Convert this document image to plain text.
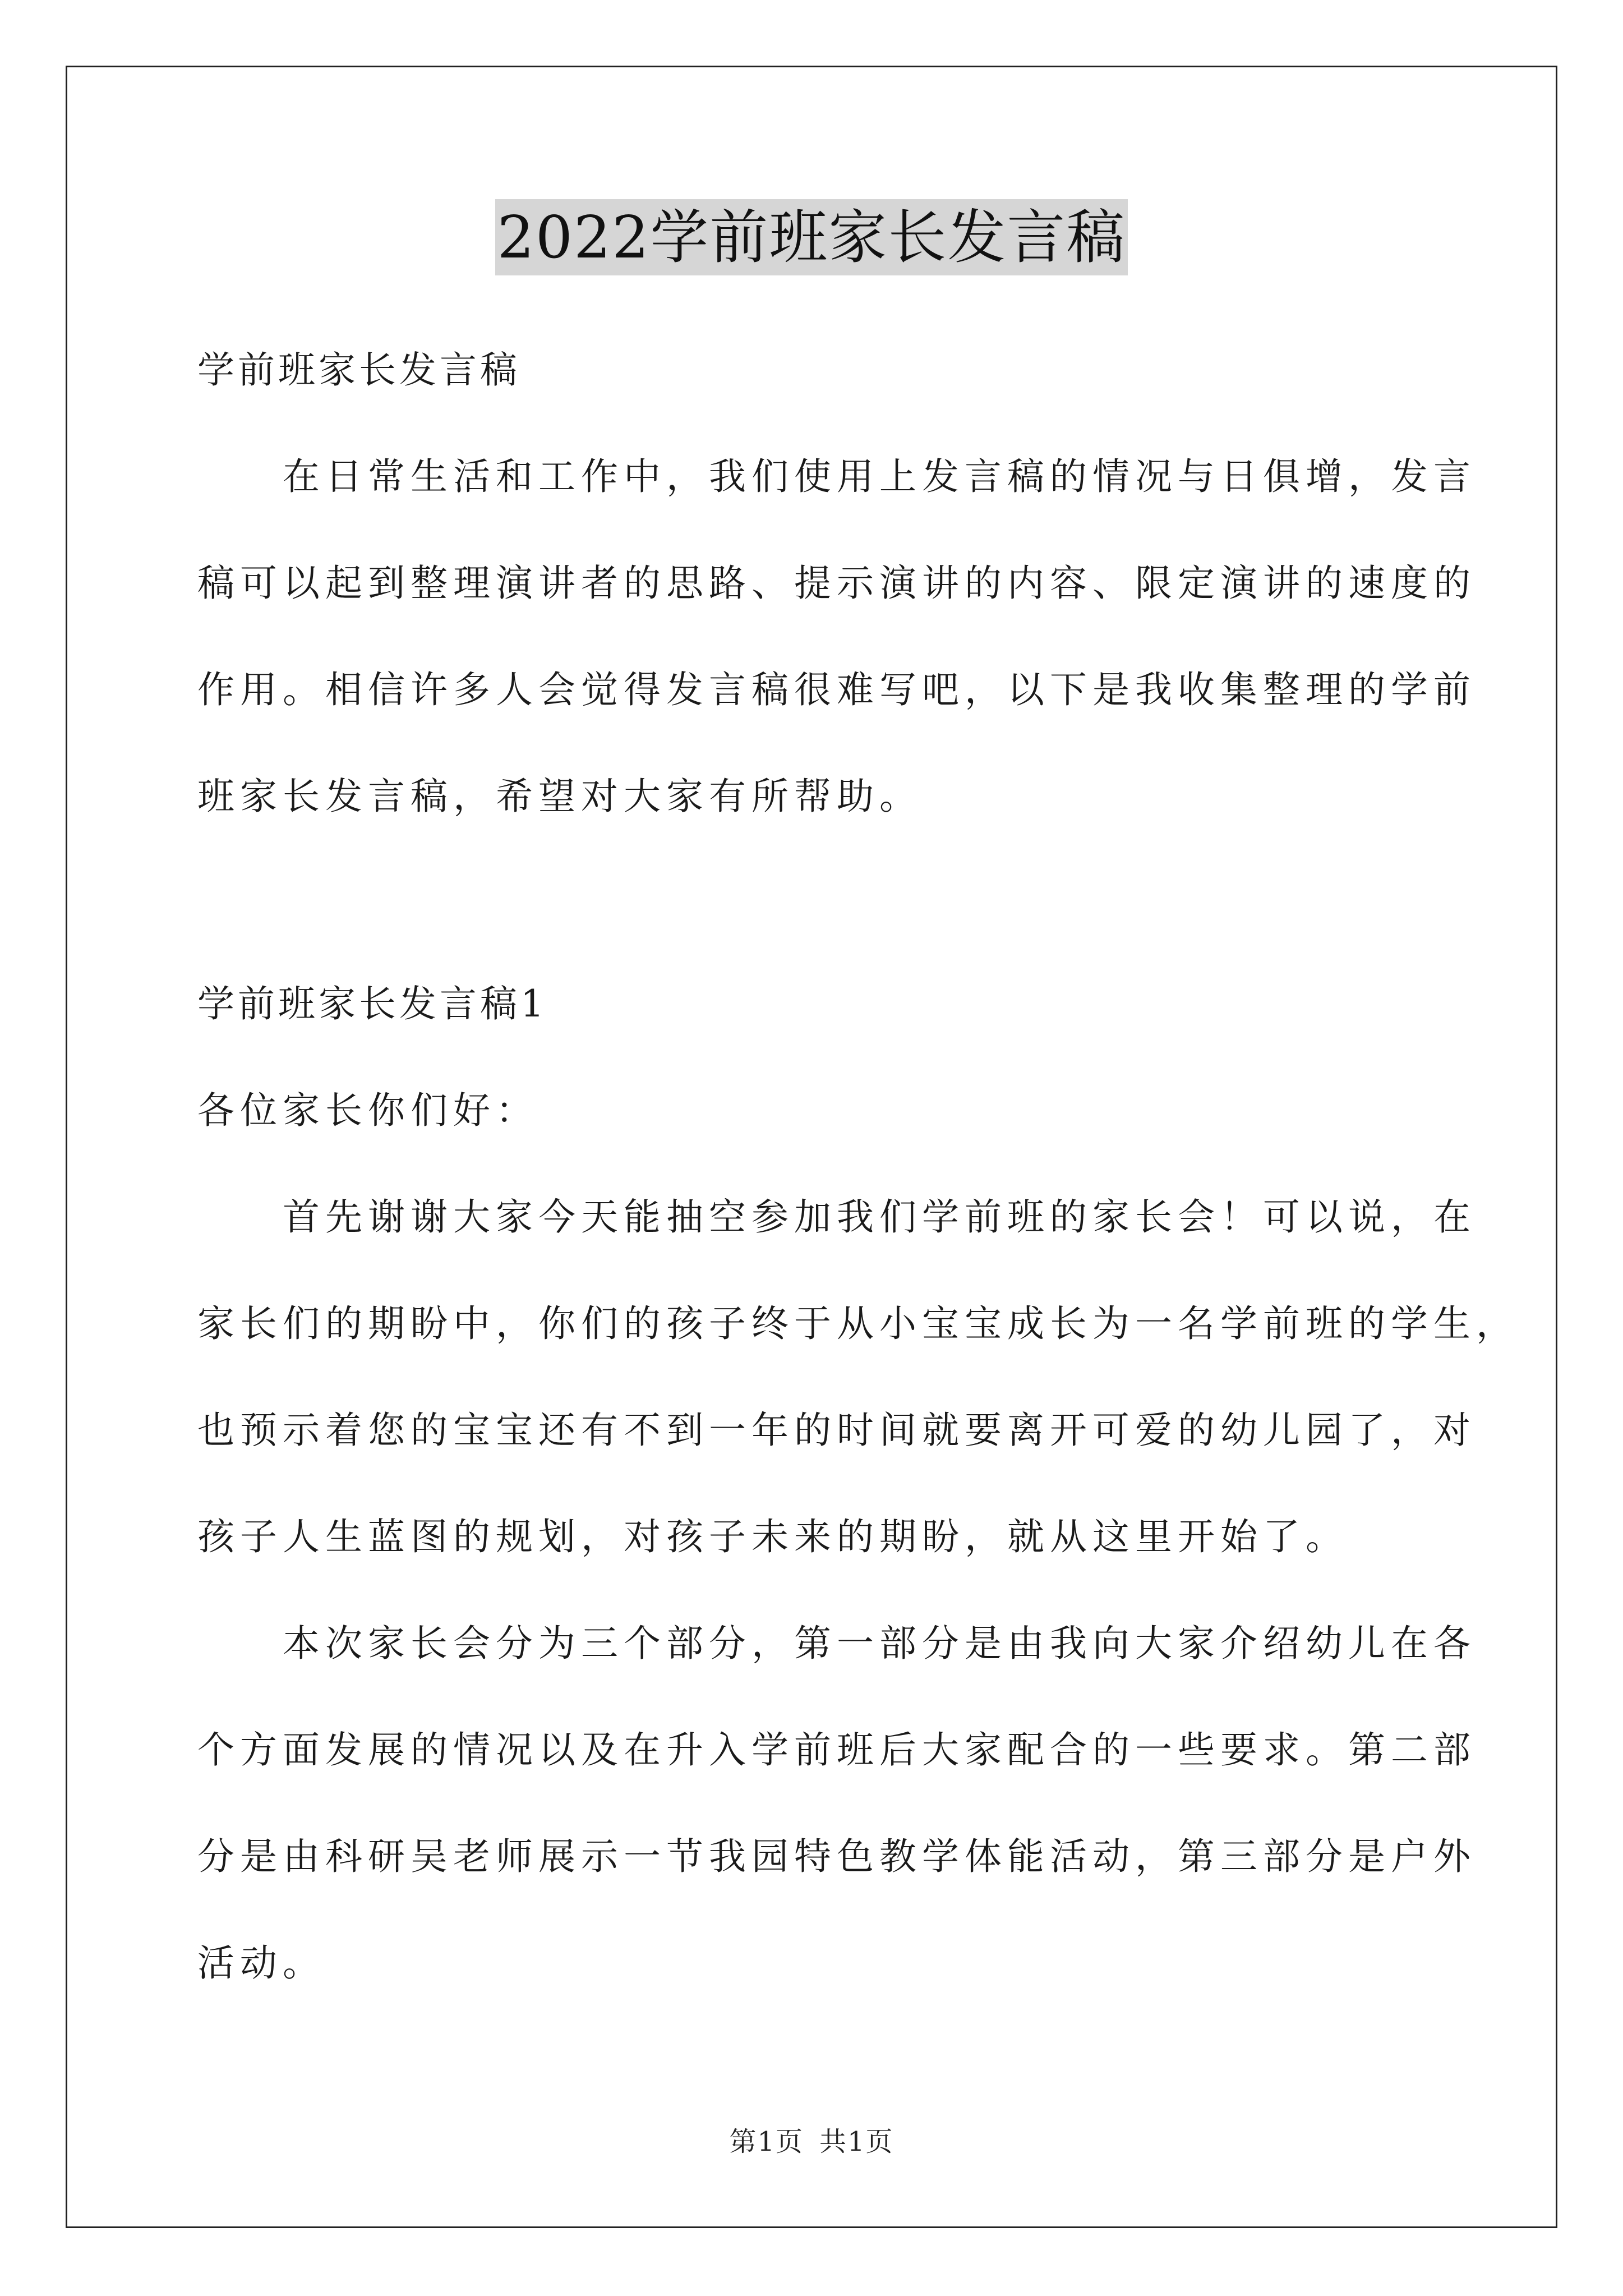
2022学前班家长发言稿

学前班家长发言稿

　　在日常生活和工作中，我们使用上发言稿的情况与日俱增，发言

稿可以起到整理演讲者的思路、提示演讲的内容、限定演讲的速度的

作用。相信许多人会觉得发言稿很难写吧，以下是我收集整理的学前

班家长发言稿，希望对大家有所帮助。

学前班家长发言稿1

各位家长你们好：

　　首先谢谢大家今天能抽空参加我们学前班的家长会！可以说，在

家长们的期盼中，你们的孩子终于从小宝宝成长为一名学前班的学生，

也预示着您的宝宝还有不到一年的时间就要离开可爱的幼儿园了，对

孩子人生蓝图的规划，对孩子未来的期盼，就从这里开始了。

　　本次家长会分为三个部分，第一部分是由我向大家介绍幼儿在各

个方面发展的情况以及在升入学前班后大家配合的一些要求。第二部

分是由科研吴老师展示一节我园特色教学体能活动，第三部分是户外

活动。

第1页 共1页
